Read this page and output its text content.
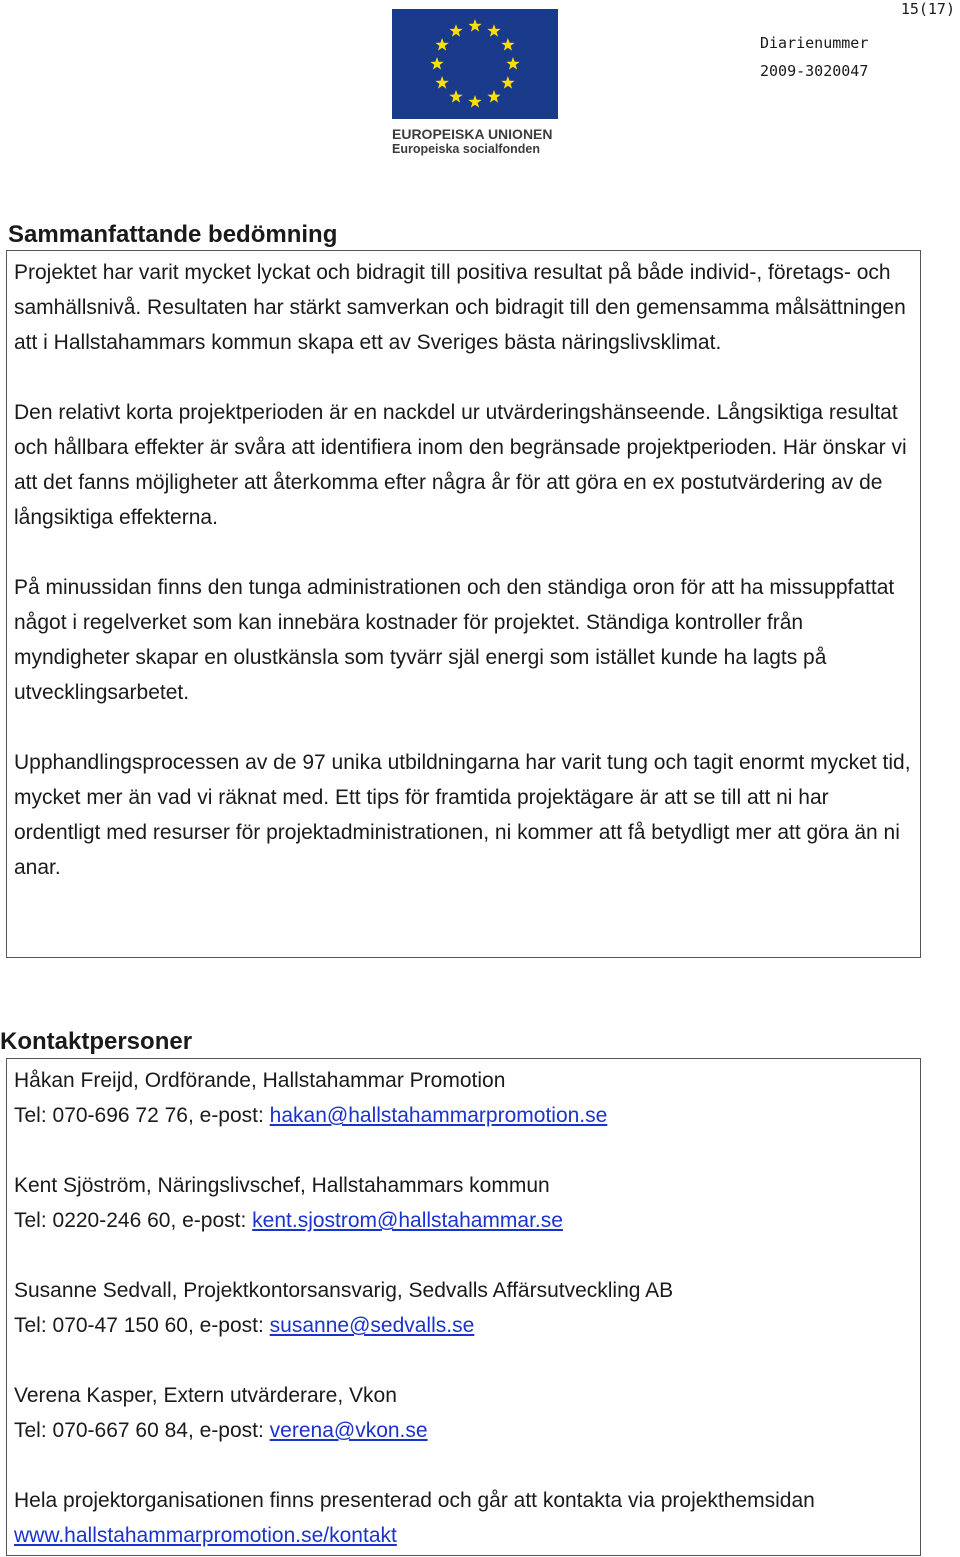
15(17)
Diarienummer
2009-3020047
EUROPEISKA UNIONEN
Europeiska socialfonden
Sammanfattande bedömning

Projektet har varit mycket lyckat och bidragit till positiva resultat på både individ-, företags- och samhällsnivå. Resultaten har stärkt samverkan och bidragit till den gemensamma målsättningen att i Hallstahammars kommun skapa ett av Sveriges bästa näringslivsklimat.

Den relativt korta projektperioden är en nackdel ur utvärderingshänseende. Långsiktiga resultat och hållbara effekter är svåra att identifiera inom den begränsade projektperioden. Här önskar vi att det fanns möjligheter att återkomma efter några år för att göra en ex postutvärdering av de långsiktiga effekterna.

På minussidan finns den tunga administrationen och den ständiga oron för att ha missuppfattat något i regelverket som kan innebära kostnader för projektet. Ständiga kontroller från myndigheter skapar en olustkänsla som tyvärr själ energi som istället kunde ha lagts på utvecklingsarbetet.

Upphandlingsprocessen av de 97 unika utbildningarna har varit tung och tagit enormt mycket tid, mycket mer än vad vi räknat med. Ett tips för framtida projektägare är att se till att ni har ordentligt med resurser för projektadministrationen, ni kommer att få betydligt mer att göra än ni anar.

Kontaktpersoner
Håkan Freijd, Ordförande, Hallstahammar Promotion
Tel: 070-696 72 76, e-post: hakan@hallstahammarpromotion.se
Kent Sjöström, Näringslivschef, Hallstahammars kommun
Tel: 0220-246 60, e-post: kent.sjostrom@hallstahammar.se
Susanne Sedvall, Projektkontorsansvarig, Sedvalls Affärsutveckling AB
Tel: 070-47 150 60, e-post: susanne@sedvalls.se
Verena Kasper, Extern utvärderare, Vkon
Tel: 070-667 60 84, e-post: verena@vkon.se
Hela projektorganisationen finns presenterad och går att kontakta via projekthemsidan www.hallstahammarpromotion.se/kontakt
